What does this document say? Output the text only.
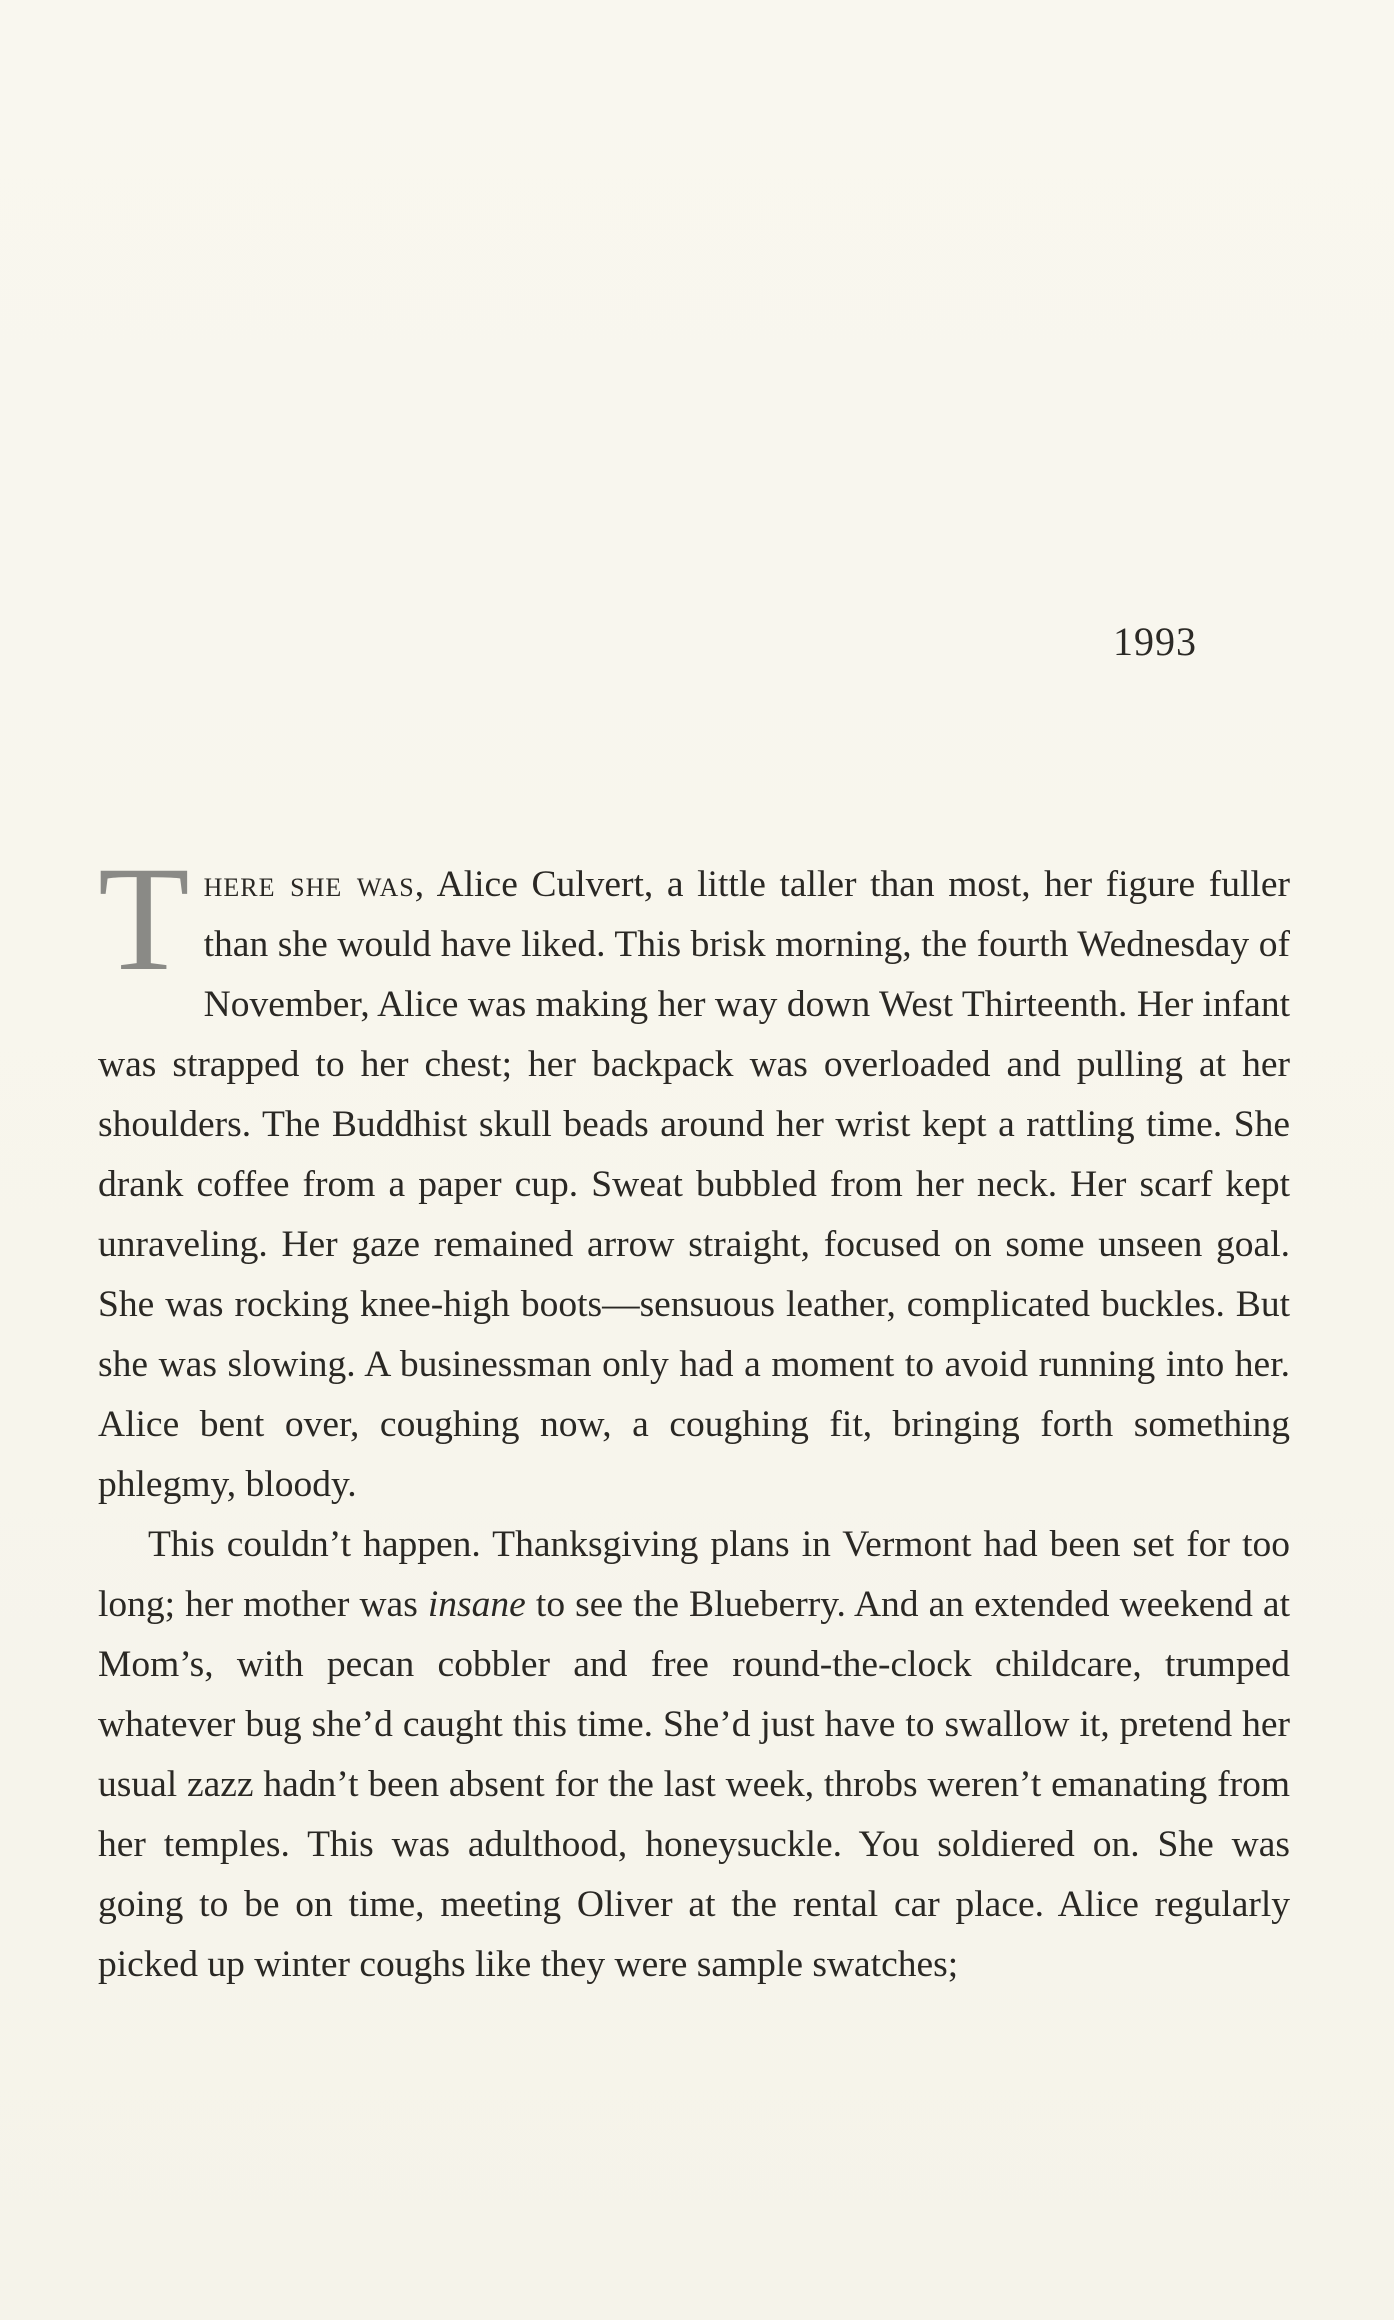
1993

There she was, Alice Culvert, a little taller than most, her figure fuller than she would have liked. This brisk morning, the fourth Wednesday of November, Alice was making her way down West Thirteenth. Her infant was strapped to her chest; her backpack was overloaded and pulling at her shoulders. The Buddhist skull beads around her wrist kept a rattling time. She drank coffee from a paper cup. Sweat bubbled from her neck. Her scarf kept unraveling. Her gaze remained arrow straight, focused on some unseen goal. She was rocking knee-high boots—sensuous leather, complicated buckles. But she was slowing. A businessman only had a moment to avoid running into her. Alice bent over, coughing now, a coughing fit, bringing forth something phlegmy, bloody.

This couldn’t happen. Thanksgiving plans in Vermont had been set for too long; her mother was insane to see the Blueberry. And an extended weekend at Mom’s, with pecan cobbler and free round-the-clock childcare, trumped whatever bug she’d caught this time. She’d just have to swallow it, pretend her usual zazz hadn’t been absent for the last week, throbs weren’t emanating from her temples. This was adulthood, honeysuckle. You soldiered on. She was going to be on time, meeting Oliver at the rental car place. Alice regularly picked up winter coughs like they were sample swatches;
